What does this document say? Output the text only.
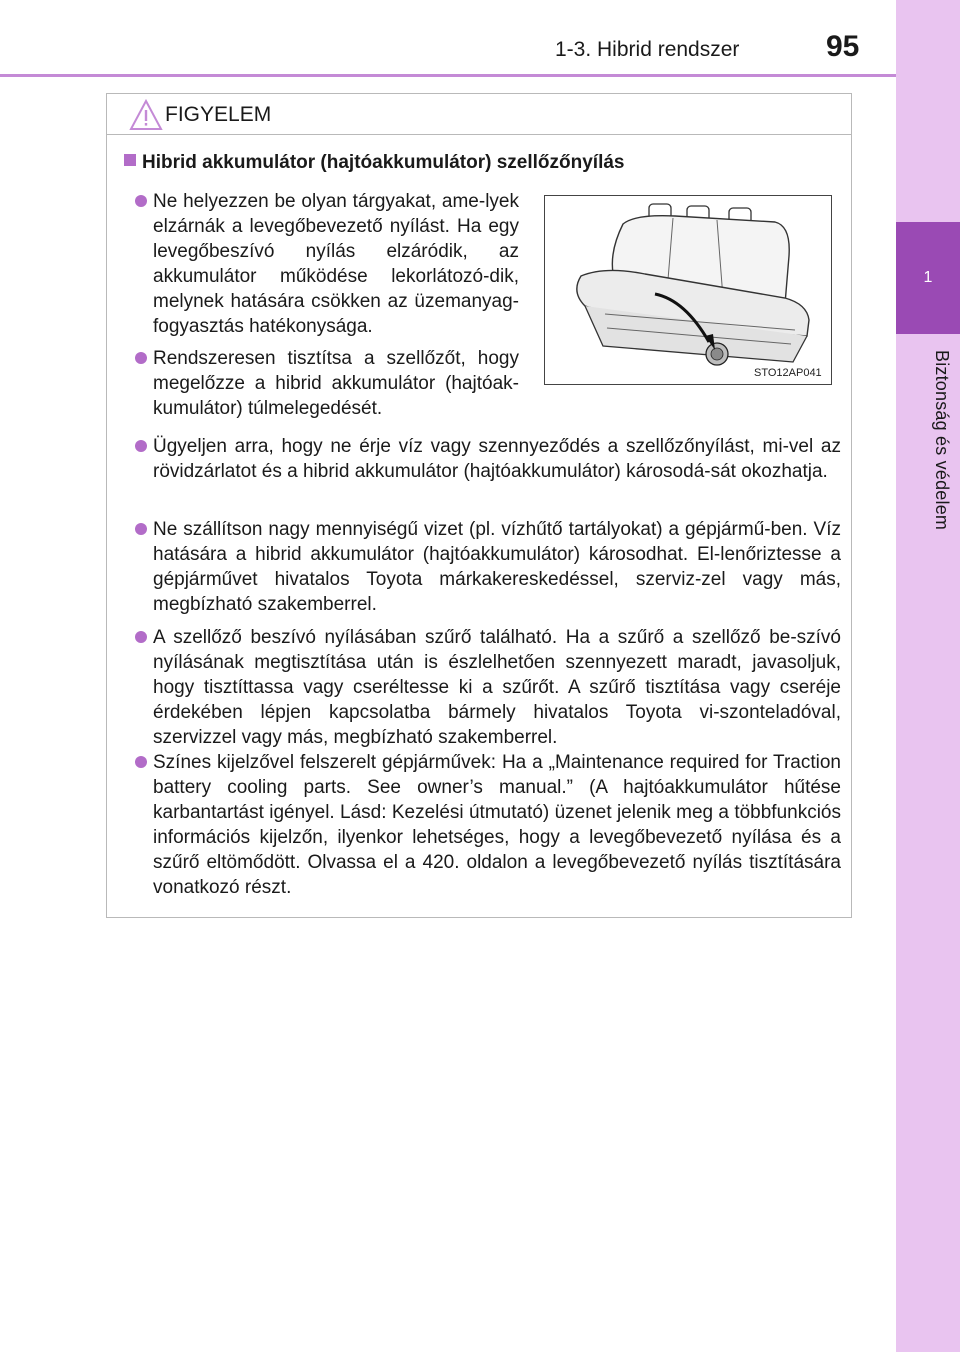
1-3. Hibrid rendszer	95
1
Biztonság és védelem
FIGYELEM
Hibrid akkumulátor (hajtóakkumulátor) szellőzőnyílás
Ne helyezzen be olyan tárgyakat, ame-lyek elzárnák a levegőbevezető nyílást. Ha egy levegőbeszívó nyílás elzáródik, az akkumulátor működése lekorlátozó-dik, melynek hatására csökken az üzemanyag-fogyasztás hatékonysága.
Rendszeresen tisztítsa a szellőzőt, hogy megelőzze a hibrid akkumulátor (hajtóak-kumulátor) túlmelegedését.
STO12AP041
Ügyeljen arra, hogy ne érje víz vagy szennyeződés a szellőzőnyílást, mi-vel az rövidzárlatot és a hibrid akkumulátor (hajtóakkumulátor) károsodá-sát okozhatja.
Ne szállítson nagy mennyiségű vizet (pl. vízhűtő tartályokat) a gépjármű-ben. Víz hatására a hibrid akkumulátor (hajtóakkumulátor) károsodhat. El-lenőriztesse a gépjárművet hivatalos Toyota márkakereskedéssel, szerviz-zel vagy más, megbízható szakemberrel.
A szellőző beszívó nyílásában szűrő található. Ha a szűrő a szellőző be-szívó nyílásának megtisztítása után is észlelhetően szennyezett maradt, javasoljuk, hogy tisztíttassa vagy cseréltesse ki a szűrőt. A szűrő tisztítása vagy cseréje érdekében lépjen kapcsolatba bármely hivatalos Toyota vi-szonteladóval, szervizzel vagy más, megbízható szakemberrel.
Színes kijelzővel felszerelt gépjárművek: Ha a „Maintenance required for Traction battery cooling parts. See owner’s manual.” (A hajtóakkumulátor hűtése karbantartást igényel. Lásd: Kezelési útmutató) üzenet jelenik meg a többfunkciós információs kijelzőn, ilyenkor lehetséges, hogy a levegőbevezető nyílása és a szűrő eltömődött. Olvassa el a 420. oldalon a levegőbevezető nyílás tisztítására vonatkozó részt.
